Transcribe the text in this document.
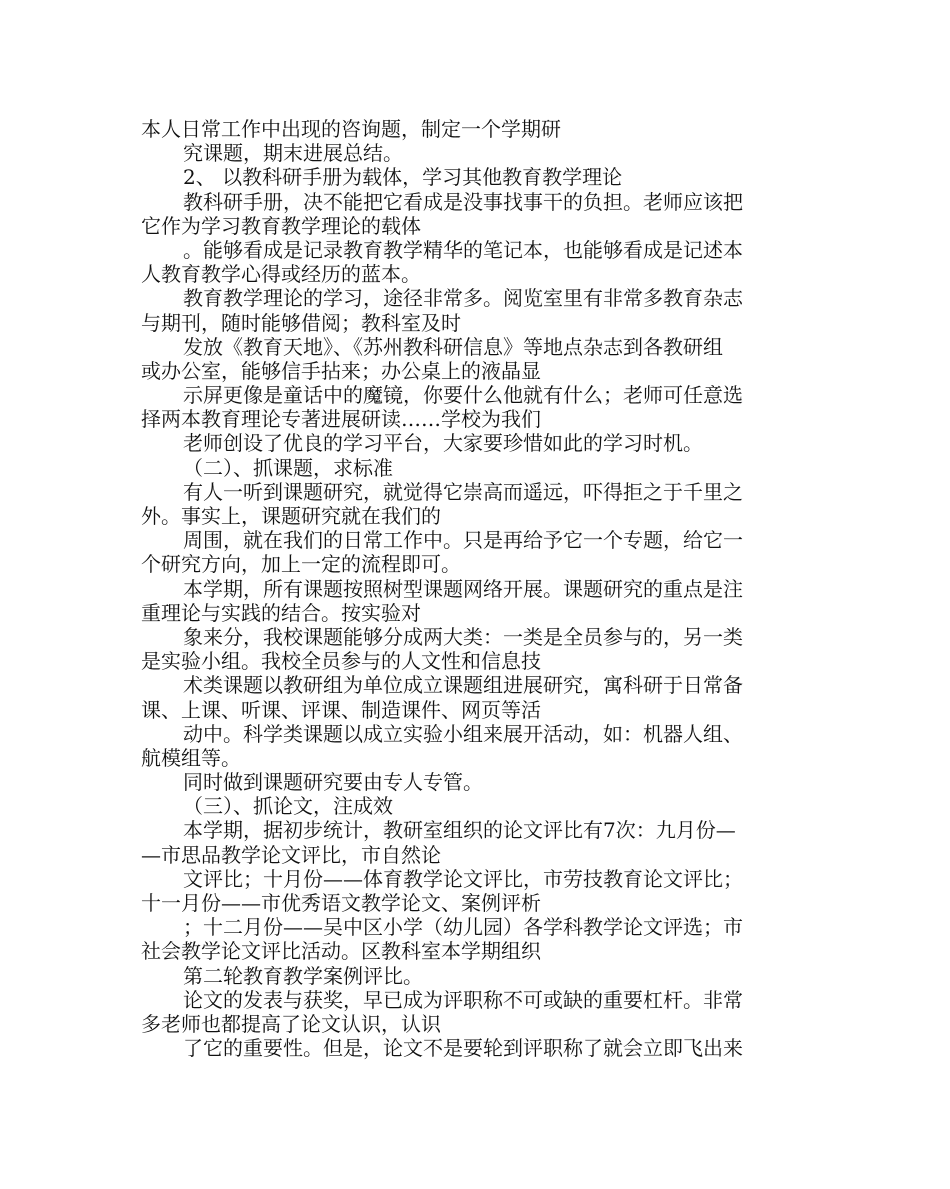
本人日常工作中出现的咨询题，制定一个学期研
究课题，期末进展总结。
2、 以教科研手册为载体，学习其他教育教学理论
教科研手册，决不能把它看成是没事找事干的负担。老师应该把
它作为学习教育教学理论的载体
。能够看成是记录教育教学精华的笔记本，也能够看成是记述本
人教育教学心得或经历的蓝本。
教育教学理论的学习，途径非常多。阅览室里有非常多教育杂志
与期刊，随时能够借阅；教科室及时
发放《教育天地》、《苏州教科研信息》等地点杂志到各教研组
或办公室，能够信手拈来；办公桌上的液晶显
示屏更像是童话中的魔镜，你要什么他就有什么；老师可任意选
择两本教育理论专著进展研读……学校为我们
老师创设了优良的学习平台，大家要珍惜如此的学习时机。
（二）、抓课题，求标准
有人一听到课题研究，就觉得它崇高而遥远，吓得拒之于千里之
外。事实上，课题研究就在我们的
周围，就在我们的日常工作中。只是再给予它一个专题，给它一
个研究方向，加上一定的流程即可。
本学期，所有课题按照树型课题网络开展。课题研究的重点是注
重理论与实践的结合。按实验对
象来分，我校课题能够分成两大类：一类是全员参与的，另一类
是实验小组。我校全员参与的人文性和信息技
术类课题以教研组为单位成立课题组进展研究，寓科研于日常备
课、上课、听课、评课、制造课件、网页等活
动中。科学类课题以成立实验小组来展开活动，如：机器人组、
航模组等。
同时做到课题研究要由专人专管。
（三）、抓论文，注成效
本学期，据初步统计，教研室组织的论文评比有7次：九月份—
—市思品教学论文评比，市自然论
文评比；十月份——体育教学论文评比，市劳技教育论文评比；
十一月份——市优秀语文教学论文、案例评析
；十二月份——吴中区小学（幼儿园）各学科教学论文评选；市
社会教学论文评比活动。区教科室本学期组织
第二轮教育教学案例评比。
论文的发表与获奖，早已成为评职称不可或缺的重要杠杆。非常
多老师也都提高了论文认识，认识
了它的重要性。但是，论文不是要轮到评职称了就会立即飞出来
